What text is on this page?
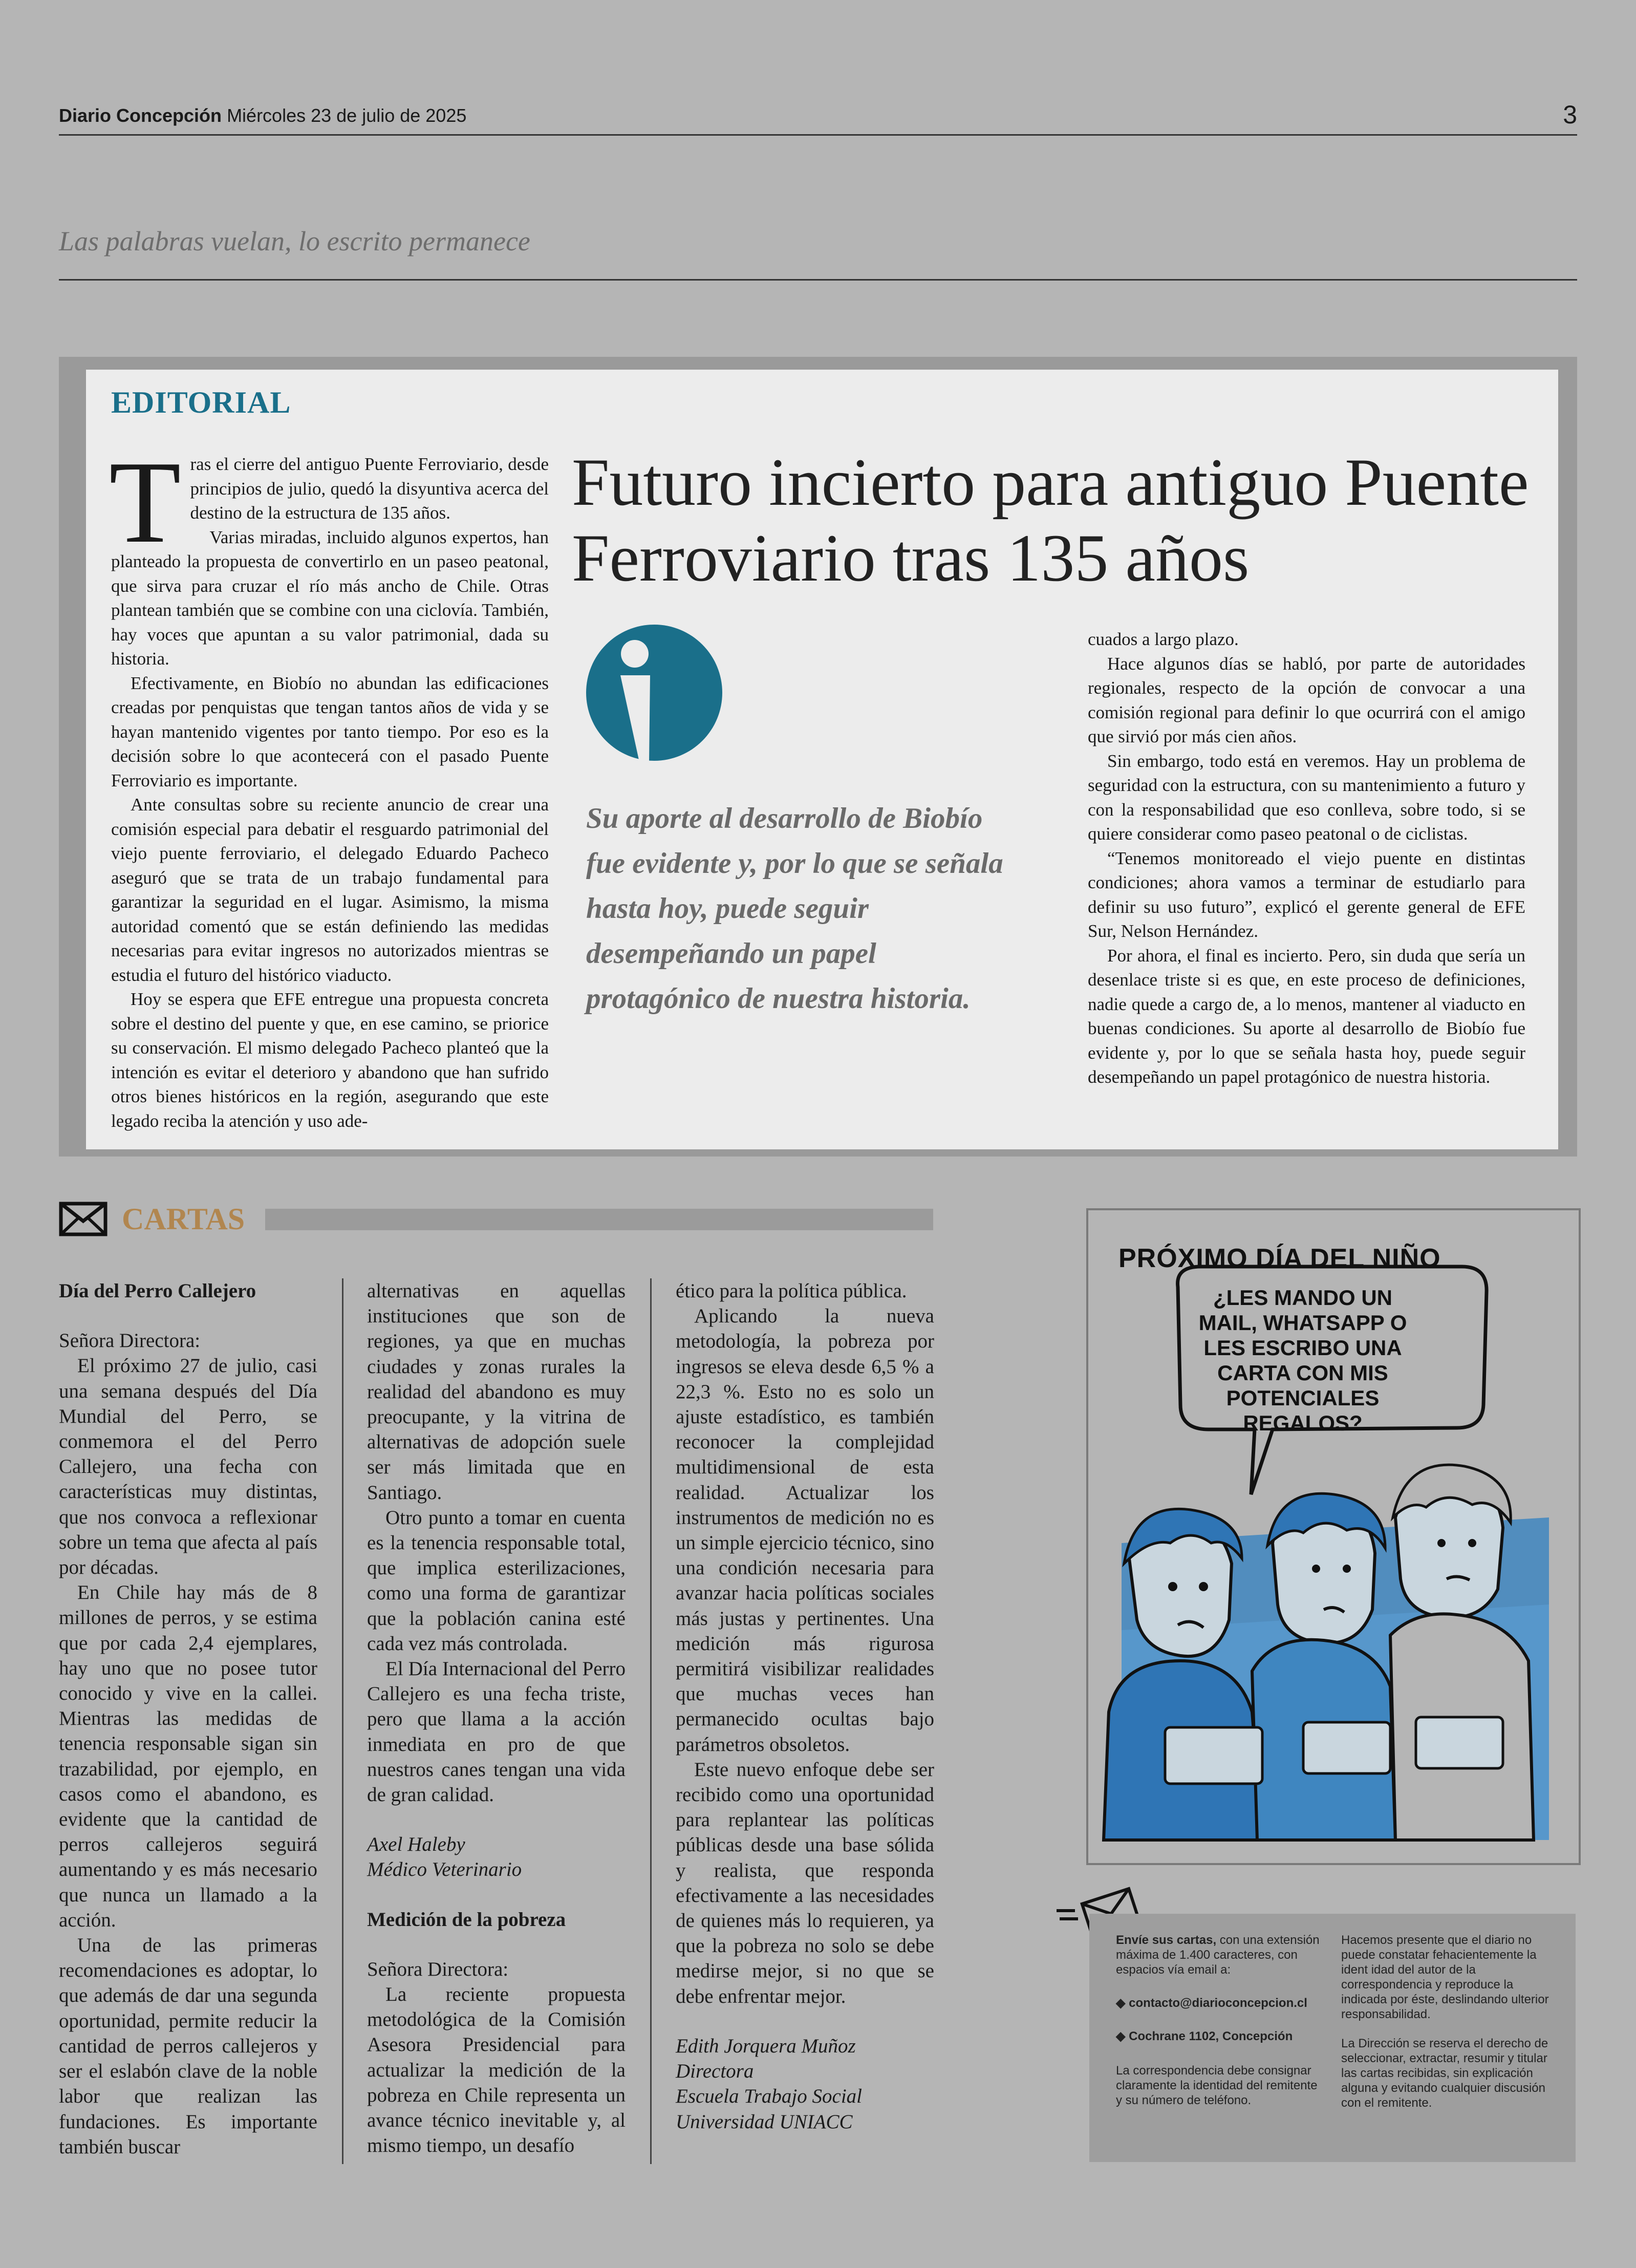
Diario Concepción Miércoles 23 de julio de 2025	3
Las palabras vuelan, lo escrito permanece
EDITORIAL

Tras el cierre del antiguo Puente Ferroviario, desde principios de julio, quedó la disyuntiva acerca del destino de la estructura de 135 años.

Varias miradas, incluido algunos expertos, han planteado la propuesta de convertirlo en un paseo peatonal, que sirva para cruzar el río más ancho de Chile. Otras plantean también que se combine con una ciclovía. También, hay voces que apuntan a su valor patrimonial, dada su historia.

Efectivamente, en Biobío no abundan las edificaciones creadas por penquistas que tengan tantos años de vida y se hayan mantenido vigentes por tanto tiempo. Por eso es la decisión sobre lo que acontecerá con el pasado Puente Ferroviario es importante.

Ante consultas sobre su reciente anuncio de crear una comisión especial para debatir el resguardo patrimonial del viejo puente ferroviario, el delegado Eduardo Pacheco aseguró que se trata de un trabajo fundamental para garantizar la seguridad en el lugar. Asimismo, la misma autoridad comentó que se están definiendo las medidas necesarias para evitar ingresos no autorizados mientras se estudia el futuro del histórico viaducto.

Hoy se espera que EFE entregue una propuesta concreta sobre el destino del puente y que, en ese camino, se priorice su conservación. El mismo delegado Pacheco planteó que la intención es evitar el deterioro y abandono que han sufrido otros bienes históricos en la región, asegurando que este legado reciba la atención y uso ade-

Futuro incierto para antiguo Puente Ferroviario tras 135 años
Su aporte al desarrollo de Biobío fue evidente y, por lo que se señala hasta hoy, puede seguir desempeñando un papel protagónico de nuestra historia.

cuados a largo plazo.

Hace algunos días se habló, por parte de autoridades regionales, respecto de la opción de convocar a una comisión regional para definir lo que ocurrirá con el amigo que sirvió por más cien años.

Sin embargo, todo está en veremos. Hay un problema de seguridad con la estructura, con su mantenimiento a futuro y con la responsabilidad que eso conlleva, sobre todo, si se quiere considerar como paseo peatonal o de ciclistas.

“Tenemos monitoreado el viejo puente en distintas condiciones; ahora vamos a terminar de estudiarlo para definir su uso futuro”, explicó el gerente general de EFE Sur, Nelson Hernández.

Por ahora, el final es incierto. Pero, sin duda que sería un desenlace triste si es que, en este proceso de definiciones, nadie quede a cargo de, a lo menos, mantener al viaducto en buenas condiciones. Su aporte al desarrollo de Biobío fue evidente y, por lo que se señala hasta hoy, puede seguir desempeñando un papel protagónico de nuestra historia.

CARTAS

Día del Perro Callejero

Señora Directora:

El próximo 27 de julio, casi una semana después del Día Mundial del Perro, se conmemora el del Perro Callejero, una fecha con características muy distintas, que nos convoca a reflexionar sobre un tema que afecta al país por décadas.

En Chile hay más de 8 millones de perros, y se estima que por cada 2,4 ejemplares, hay uno que no posee tutor conocido y vive en la callei. Mientras las medidas de tenencia responsable sigan sin trazabilidad, por ejemplo, en casos como el abandono, es evidente que la cantidad de perros callejeros seguirá aumentando y es más necesario que nunca un llamado a la acción.

Una de las primeras recomendaciones es adoptar, lo que además de dar una segunda oportunidad, permite reducir la cantidad de perros callejeros y ser el eslabón clave de la noble labor que realizan las fundaciones. Es importante también buscar

alternativas en aquellas instituciones que son de regiones, ya que en muchas ciudades y zonas rurales la realidad del abandono es muy preocupante, y la vitrina de alternativas de adopción suele ser más limitada que en Santiago.

Otro punto a tomar en cuenta es la tenencia responsable total, que implica esterilizaciones, como una forma de garantizar que la población canina esté cada vez más controlada.

El Día Internacional del Perro Callejero es una fecha triste, pero que llama a la acción inmediata en pro de que nuestros canes tengan una vida de gran calidad.

Axel Haleby

Médico Veterinario

Medición de la pobreza

Señora Directora:

La reciente propuesta metodológica de la Comisión Asesora Presidencial para actualizar la medición de la pobreza en Chile representa un avance técnico inevitable y, al mismo tiempo, un desafío

ético para la política pública.

Aplicando la nueva metodología, la pobreza por ingresos se eleva desde 6,5 % a 22,3 %. Esto no es solo un ajuste estadístico, es también reconocer la complejidad multidimensional de esta realidad. Actualizar los instrumentos de medición no es un simple ejercicio técnico, sino una condición necesaria para avanzar hacia políticas sociales más justas y pertinentes. Una medición más rigurosa permitirá visibilizar realidades que muchas veces han permanecido ocultas bajo parámetros obsoletos.

Este nuevo enfoque debe ser recibido como una oportunidad para replantear las políticas públicas desde una base sólida y realista, que responda efectivamente a las necesidades de quienes más lo requieren, ya que la pobreza no solo se debe medirse mejor, si no que se debe enfrentar mejor.

Edith Jorquera Muñoz

Directora

Escuela Trabajo Social

Universidad UNIACC

PRÓXIMO DÍA DEL NIÑO
¿LES MANDO UN MAIL, WHATSAPP O LES ESCRIBO UNA CARTA CON MIS POTENCIALES REGALOS?

Envíe sus cartas, con una extensión máxima de 1.400 caracteres, con espacios vía email a:

◆ contacto@diarioconcepcion.cl

◆ Cochrane 1102, Concepción

La correspondencia debe consignar claramente la identidad del remitente y su número de teléfono.

Hacemos presente que el diario no puede constatar fehacientemente la ident idad del autor de la correspondencia y reproduce la indicada por éste, deslindando ulterior responsabilidad.

La Dirección se reserva el derecho de seleccionar, extractar, resumir y titular las cartas recibidas, sin explicación alguna y evitando cualquier discusión con el remitente.
